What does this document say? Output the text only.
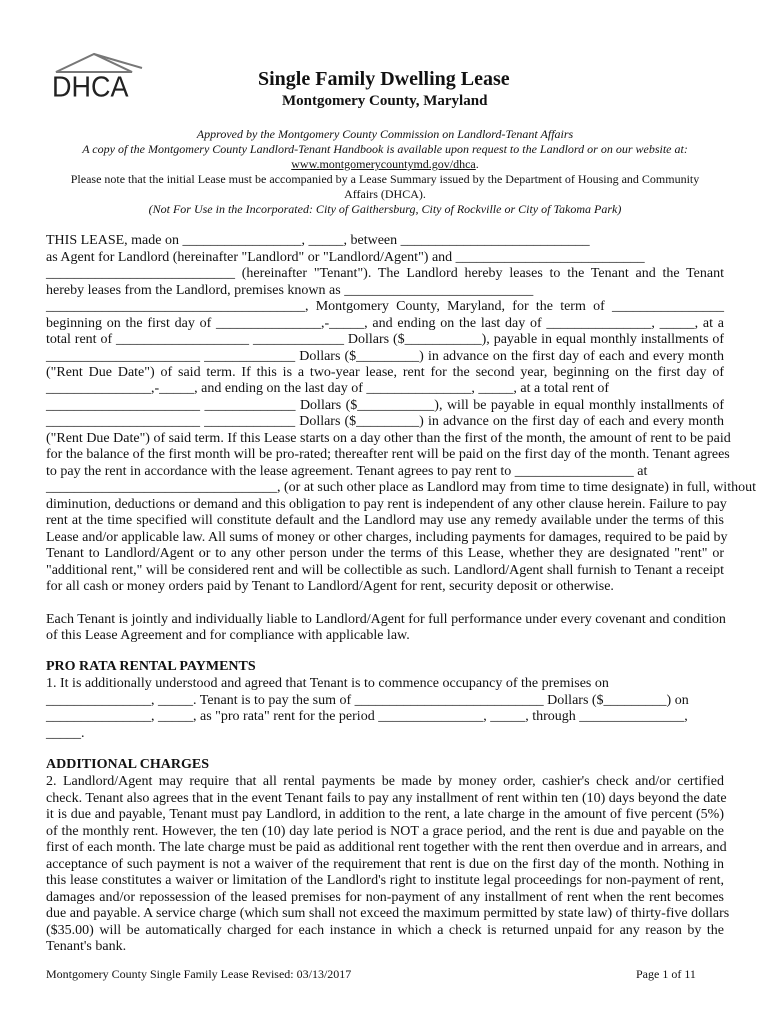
DHCA	Single Family Dwelling Lease
Montgomery County, Maryland
Approved by the Montgomery County Commission on Landlord-Tenant Affairs
A copy of the Montgomery County Landlord-Tenant Handbook is available upon request to the Landlord or on our website at:
www.montgomerycountymd.gov/dhca.
Please note that the initial Lease must be accompanied by a Lease Summary issued by the Department of Housing and Community
Affairs (DHCA).
(Not For Use in the Incorporated: City of Gaithersburg, City of Rockville or City of Takoma Park)
THIS LEASE, made on _________________, _____, between ___________________________
as Agent for Landlord (hereinafter "Landlord" or "Landlord/Agent") and ___________________________
___________________________ (hereinafter "Tenant"). The Landlord hereby leases to the Tenant and the Tenant
hereby leases from the Landlord, premises known as ___________________________
_____________________________________, Montgomery County, Maryland, for the term of ________________
beginning on the first day of _______________,-_____, and ending on the last day of _______________, _____, at a
total rent of ___________________ _____________ Dollars ($___________), payable in equal monthly installments of
______________________ _____________ Dollars ($_________) in advance on the first day of each and every month
("Rent Due Date") of said term. If this is a two-year lease, rent for the second year, beginning on the first day of
_______________,-_____, and ending on the last day of _______________, _____, at a total rent of
______________________ _____________ Dollars ($___________), will be payable in equal monthly installments of
______________________ _____________ Dollars ($_________) in advance on the first day of each and every month
("Rent Due Date") of said term. If this Lease starts on a day other than the first of the month, the amount of rent to be paid
for the balance of the first month will be pro-rated; thereafter rent will be paid on the first day of the month. Tenant agrees
to pay the rent in accordance with the lease agreement. Tenant agrees to pay rent to _________________ at
_________________________________, (or at such other place as Landlord may from time to time designate) in full, without
diminution, deductions or demand and this obligation to pay rent is independent of any other clause herein. Failure to pay
rent at the time specified will constitute default and the Landlord may use any remedy available under the terms of this
Lease and/or applicable law. All sums of money or other charges, including payments for damages, required to be paid by
Tenant to Landlord/Agent or to any other person under the terms of this Lease, whether they are designated "rent" or
"additional rent," will be considered rent and will be collectible as such. Landlord/Agent shall furnish to Tenant a receipt
for all cash or money orders paid by Tenant to Landlord/Agent for rent, security deposit or otherwise.
Each Tenant is jointly and individually liable to Landlord/Agent for full performance under every covenant and condition
of this Lease Agreement and for compliance with applicable law.
PRO RATA RENTAL PAYMENTS
1. It is additionally understood and agreed that Tenant is to commence occupancy of the premises on
_______________, _____. Tenant is to pay the sum of ___________________________ Dollars ($_________) on
_______________, _____, as "pro rata" rent for the period _______________, _____, through _______________,
_____.
ADDITIONAL CHARGES
2. Landlord/Agent may require that all rental payments be made by money order, cashier's check and/or certified
check. Tenant also agrees that in the event Tenant fails to pay any installment of rent within ten (10) days beyond the date
it is due and payable, Tenant must pay Landlord, in addition to the rent, a late charge in the amount of five percent (5%)
of the monthly rent. However, the ten (10) day late period is NOT a grace period, and the rent is due and payable on the
first of each month. The late charge must be paid as additional rent together with the rent then overdue and in arrears, and
acceptance of such payment is not a waiver of the requirement that rent is due on the first day of the month. Nothing in
this lease constitutes a waiver or limitation of the Landlord's right to institute legal proceedings for non-payment of rent,
damages and/or repossession of the leased premises for non-payment of any installment of rent when the rent becomes
due and payable. A service charge (which sum shall not exceed the maximum permitted by state law) of thirty-five dollars
($35.00) will be automatically charged for each instance in which a check is returned unpaid for any reason by the
Tenant's bank.
Montgomery County Single Family Lease Revised: 03/13/2017	Page 1 of 11
